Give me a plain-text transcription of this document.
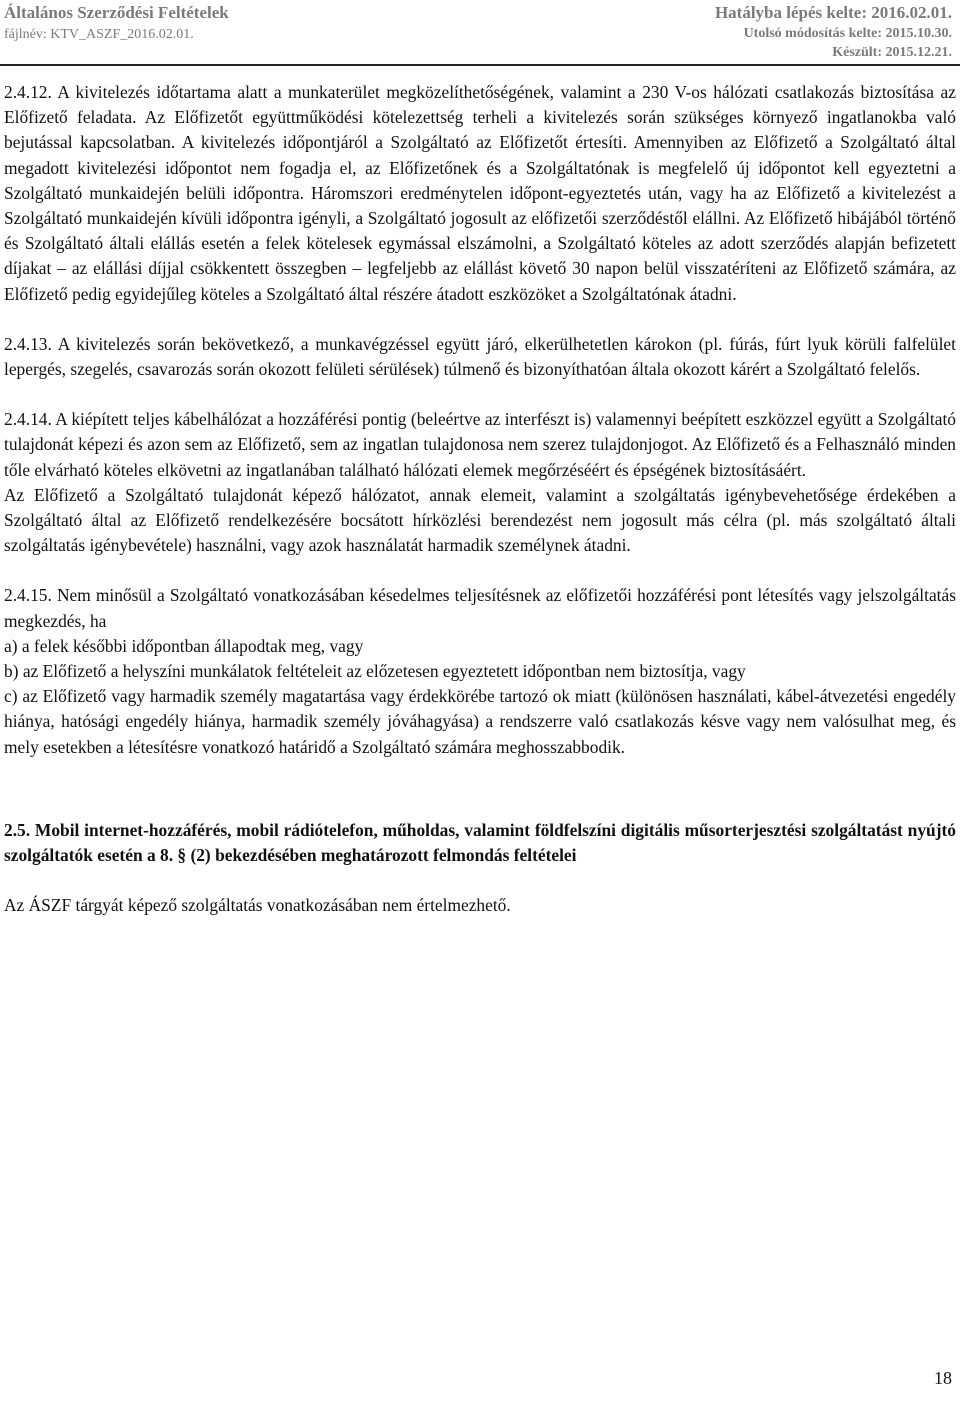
Általános Szerződési Feltételek
fájlnév: KTV_ASZF_2016.02.01.
Hatályba lépés kelte: 2016.02.01.
Utolsó módosítás kelte: 2015.10.30.
Készült: 2015.12.21.

2.4.12. A kivitelezés időtartama alatt a munkaterület megközelíthetőségének, valamint a 230 V-os hálózati csatlakozás biztosítása az Előfizető feladata. Az Előfizetőt együttműködési kötelezettség terheli a kivitelezés során szükséges környező ingatlanokba való bejutással kapcsolatban. A kivitelezés időpontjáról a Szolgáltató az Előfizetőt értesíti. Amennyiben az Előfizető a Szolgáltató által megadott kivitelezési időpontot nem fogadja el, az Előfizetőnek és a Szolgáltatónak is megfelelő új időpontot kell egyeztetni a Szolgáltató munkaidején belüli időpontra. Háromszori eredménytelen időpont-egyeztetés után, vagy ha az Előfizető a kivitelezést a Szolgáltató munkaidején kívüli időpontra igényli, a Szolgáltató jogosult az előfizetői szerződéstől elállni. Az Előfizető hibájából történő és Szolgáltató általi elállás esetén a felek kötelesek egymással elszámolni, a Szolgáltató köteles az adott szerződés alapján befizetett díjakat – az elállási díjjal csökkentett összegben – legfeljebb az elállást követő 30 napon belül visszatéríteni az Előfizető számára, az Előfizető pedig egyidejűleg köteles a Szolgáltató által részére átadott eszközöket a Szolgáltatónak átadni.

2.4.13. A kivitelezés során bekövetkező, a munkavégzéssel együtt járó, elkerülhetetlen károkon (pl. fúrás, fúrt lyuk körüli falfelület lepergés, szegelés, csavarozás során okozott felületi sérülések) túlmenő és bizonyíthatóan általa okozott kárért a Szolgáltató felelős.

2.4.14. A kiépített teljes kábelhálózat a hozzáférési pontig (beleértve az interfészt is) valamennyi beépített eszközzel együtt a Szolgáltató tulajdonát képezi és azon sem az Előfizető, sem az ingatlan tulajdonosa nem szerez tulajdonjogot. Az Előfizető és a Felhasználó minden tőle elvárható köteles elkövetni az ingatlanában található hálózati elemek megőrzéséért és épségének biztosításáért.

Az Előfizető a Szolgáltató tulajdonát képező hálózatot, annak elemeit, valamint a szolgáltatás igénybevehetősége érdekében a Szolgáltató által az Előfizető rendelkezésére bocsátott hírközlési berendezést nem jogosult más célra (pl. más szolgáltató általi szolgáltatás igénybevétele) használni, vagy azok használatát harmadik személynek átadni.

2.4.15. Nem minősül a Szolgáltató vonatkozásában késedelmes teljesítésnek az előfizetői hozzáférési pont létesítés vagy jelszolgáltatás megkezdés, ha

a) a felek későbbi időpontban állapodtak meg, vagy

b) az Előfizető a helyszíni munkálatok feltételeit az előzetesen egyeztetett időpontban nem biztosítja, vagy

c) az Előfizető vagy harmadik személy magatartása vagy érdekkörébe tartozó ok miatt (különösen használati, kábel-átvezetési engedély hiánya, hatósági engedély hiánya, harmadik személy jóváhagyása) a rendszerre való csatlakozás késve vagy nem valósulhat meg, és mely esetekben a létesítésre vonatkozó határidő a Szolgáltató számára meghosszabbodik.

2.5. Mobil internet-hozzáférés, mobil rádiótelefon, műholdas, valamint földfelszíni digitális műsorterjesztési szolgáltatást nyújtó szolgáltatók esetén a 8. § (2) bekezdésében meghatározott felmondás feltételei

Az ÁSZF tárgyát képező szolgáltatás vonatkozásában nem értelmezhető.

18
